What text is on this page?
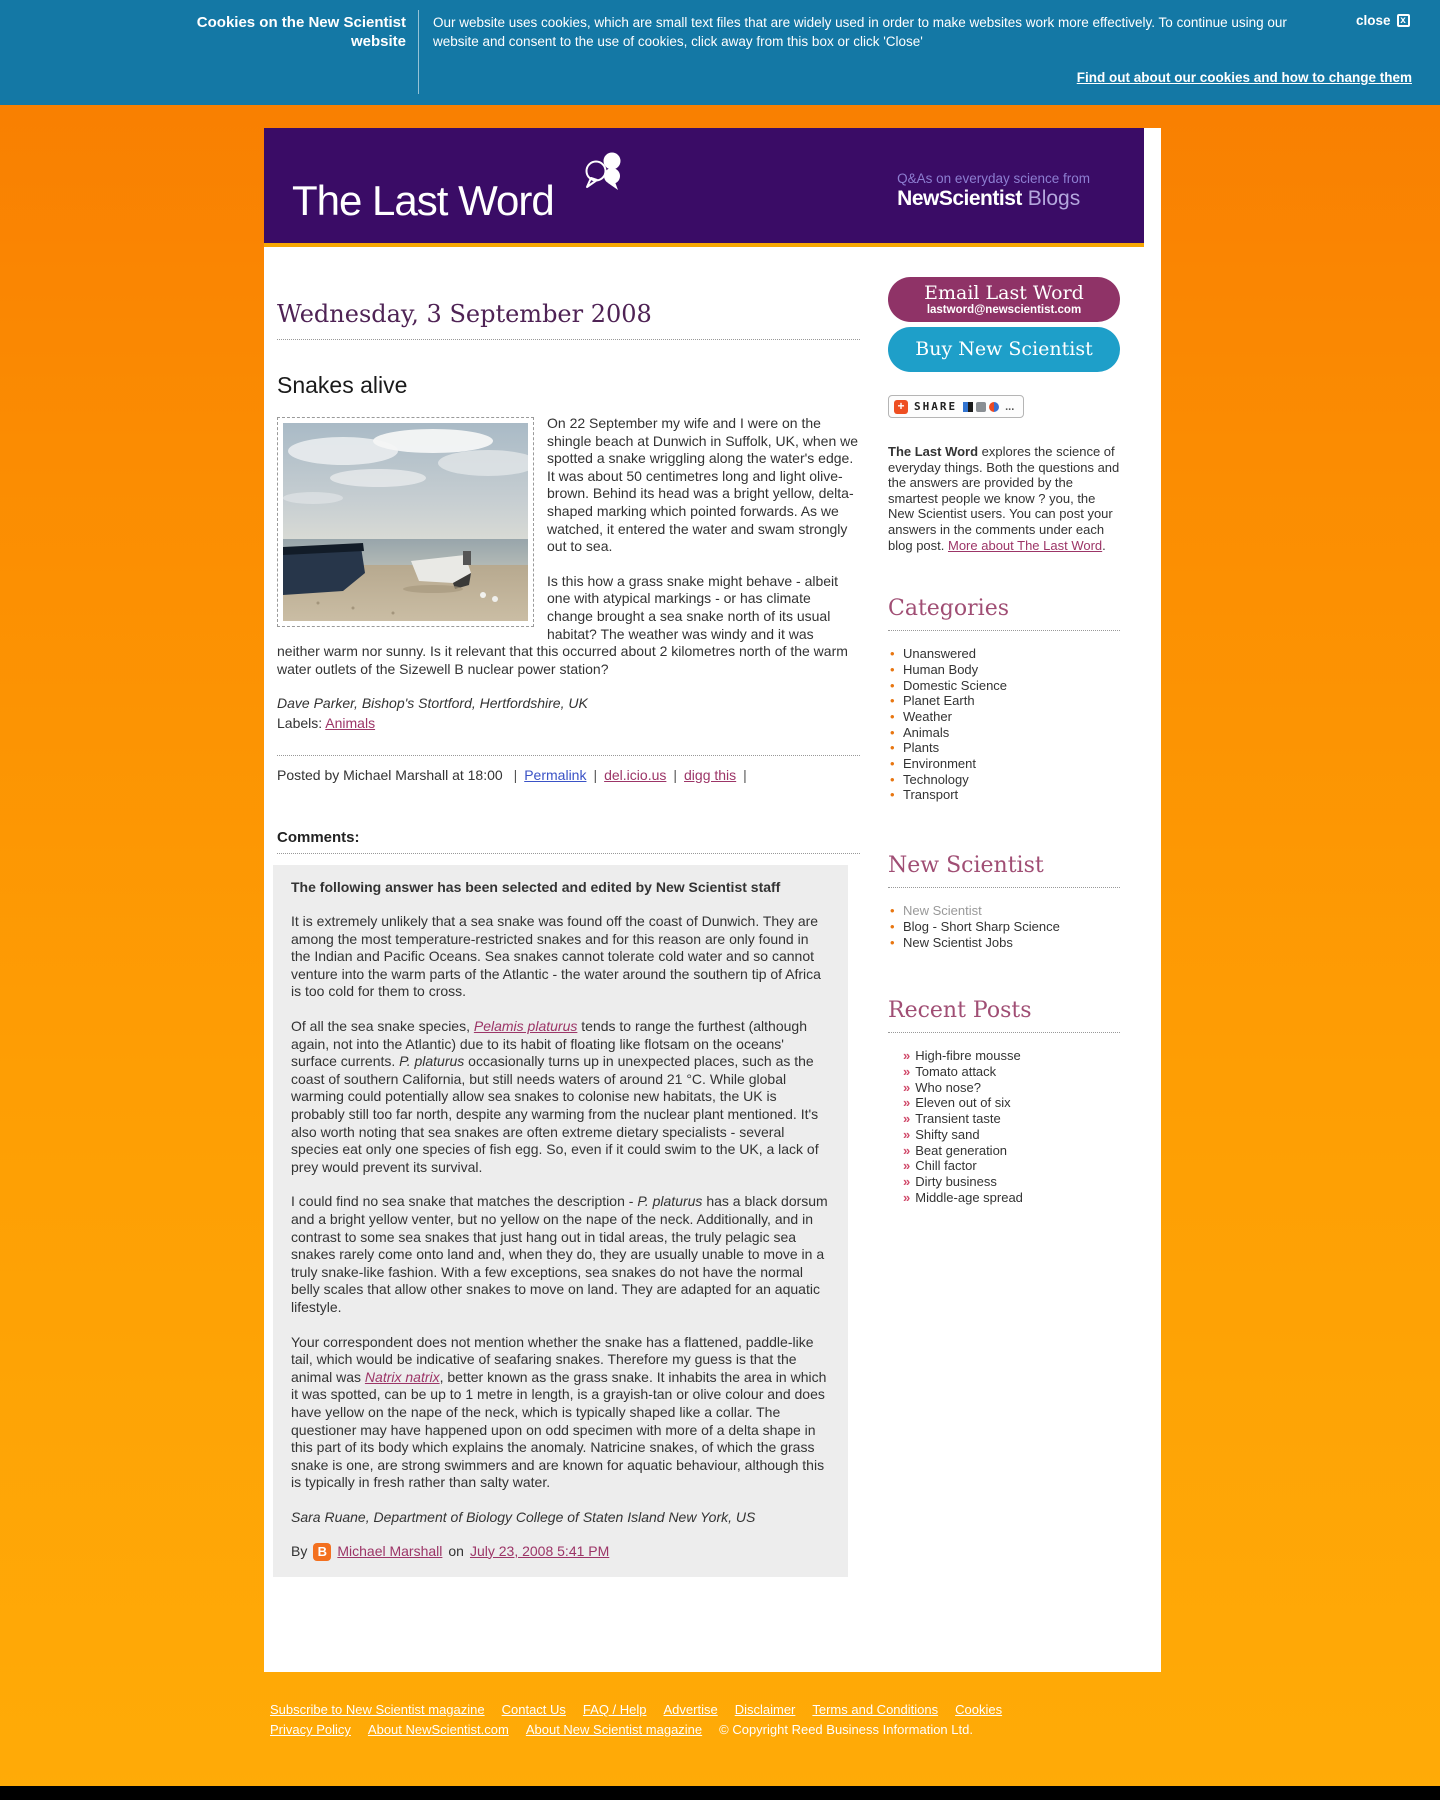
Cookies on the New Scientist website
Our website uses cookies, which are small text files that are widely used in order to make websites work more effectively. To continue using our website and consent to the use of cookies, click away from this box or click 'Close'
close x
Find out about our cookies and how to change them
The Last Word	Q&As on everyday science from
NewScientist Blogs
Wednesday, 3 September 2008
Snakes alive

On 22 September my wife and I were on the shingle beach at Dunwich in Suffolk, UK, when we spotted a snake wriggling along the water's edge. It was about 50 centimetres long and light olive-brown. Behind its head was a bright yellow, delta-shaped marking which pointed forwards. As we watched, it entered the water and swam strongly out to sea.

Is this how a grass snake might behave - albeit one with atypical markings - or has climate change brought a sea snake north of its usual habitat? The weather was windy and it was neither warm nor sunny. Is it relevant that this occurred about 2 kilometres north of the warm water outlets of the Sizewell B nuclear power station?

Dave Parker, Bishop's Stortford, Hertfordshire, UK
Labels: Animals
Posted by Michael Marshall at 18:00 | Permalink | del.icio.us | digg this |
Comments:
The following answer has been selected and edited by New Scientist staff

It is extremely unlikely that a sea snake was found off the coast of Dunwich. They are among the most temperature-restricted snakes and for this reason are only found in the Indian and Pacific Oceans. Sea snakes cannot tolerate cold water and so cannot venture into the warm parts of the Atlantic - the water around the southern tip of Africa is too cold for them to cross.

Of all the sea snake species, Pelamis platurus tends to range the furthest (although again, not into the Atlantic) due to its habit of floating like flotsam on the oceans' surface currents. P. platurus occasionally turns up in unexpected places, such as the coast of southern California, but still needs waters of around 21 °C. While global warming could potentially allow sea snakes to colonise new habitats, the UK is probably still too far north, despite any warming from the nuclear plant mentioned. It's also worth noting that sea snakes are often extreme dietary specialists - several species eat only one species of fish egg. So, even if it could swim to the UK, a lack of prey would prevent its survival.

I could find no sea snake that matches the description - P. platurus has a black dorsum and a bright yellow venter, but no yellow on the nape of the neck. Additionally, and in contrast to some sea snakes that just hang out in tidal areas, the truly pelagic sea snakes rarely come onto land and, when they do, they are usually unable to move in a truly snake-like fashion. With a few exceptions, sea snakes do not have the normal belly scales that allow other snakes to move on land. They are adapted for an aquatic lifestyle.

Your correspondent does not mention whether the snake has a flattened, paddle-like tail, which would be indicative of seafaring snakes. Therefore my guess is that the animal was Natrix natrix, better known as the grass snake. It inhabits the area in which it was spotted, can be up to 1 metre in length, is a grayish-tan or olive colour and does have yellow on the nape of the neck, which is typically shaped like a collar. The questioner may have happened upon on odd specimen with more of a delta shape in this part of its body which explains the anomaly. Natricine snakes, of which the grass snake is one, are strong swimmers and are known for aquatic behaviour, although this is typically in fresh rather than salty water.

Sara Ruane, Department of Biology College of Staten Island New York, US
By B Michael Marshall on July 23, 2008 5:41 PM
Email Last Word
lastword@newscientist.com
Buy New Scientist
+ SHARE	...
The Last Word explores the science of everyday things. Both the questions and the answers are provided by the smartest people we know ? you, the New Scientist users. You can post your answers in the comments under each blog post. More about The Last Word.
Categories
• Unanswered
• Human Body
• Domestic Science
• Planet Earth
• Weather
• Animals
• Plants
• Environment
• Technology
• Transport
New Scientist
• New Scientist
• Blog - Short Sharp Science
• New Scientist Jobs
Recent Posts
» High-fibre mousse
» Tomato attack
» Who nose?
» Eleven out of six
» Transient taste
» Shifty sand
» Beat generation
» Chill factor
» Dirty business
» Middle-age spread
Subscribe to New Scientist magazine Contact Us FAQ / Help Advertise Disclaimer Terms and Conditions Cookies
Privacy Policy About NewScientist.com About New Scientist magazine © Copyright Reed Business Information Ltd.
